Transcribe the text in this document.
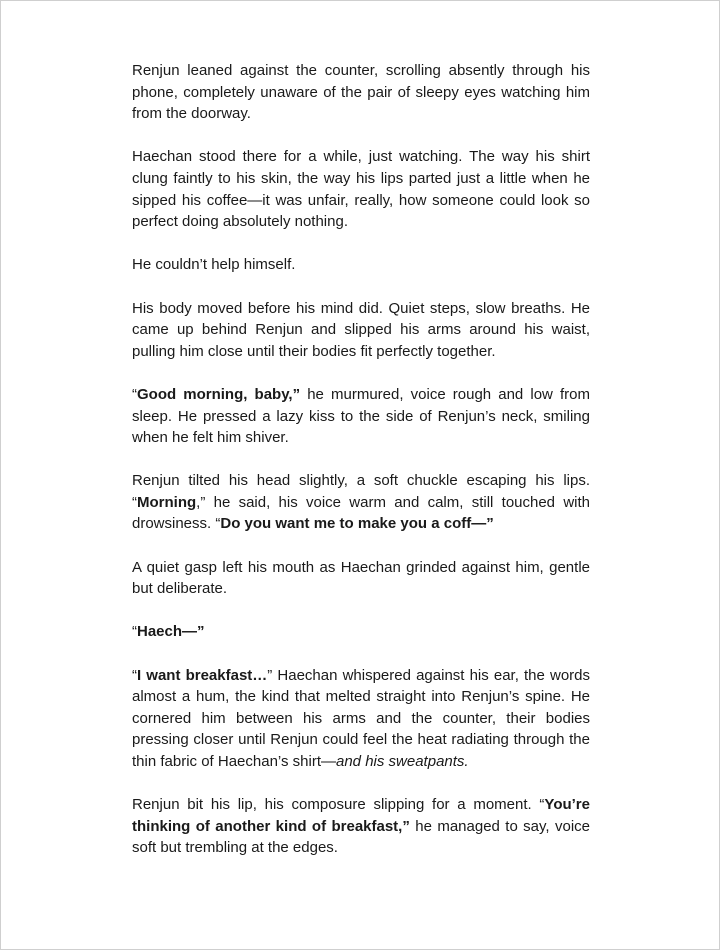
Renjun leaned against the counter, scrolling absently through his phone, completely unaware of the pair of sleepy eyes watching him from the doorway.

Haechan stood there for a while, just watching. The way his shirt clung faintly to his skin, the way his lips parted just a little when he sipped his coffee—it was unfair, really, how someone could look so perfect doing absolutely nothing.

He couldn’t help himself.

His body moved before his mind did. Quiet steps, slow breaths. He came up behind Renjun and slipped his arms around his waist, pulling him close until their bodies fit perfectly together.

“Good morning, baby,” he murmured, voice rough and low from sleep. He pressed a lazy kiss to the side of Renjun’s neck, smiling when he felt him shiver.

Renjun tilted his head slightly, a soft chuckle escaping his lips. “Morning,” he said, his voice warm and calm, still touched with drowsiness. “Do you want me to make you a coff—”

A quiet gasp left his mouth as Haechan grinded against him, gentle but deliberate.

“Haech—”

“I want breakfast…” Haechan whispered against his ear, the words almost a hum, the kind that melted straight into Renjun’s spine. He cornered him between his arms and the counter, their bodies pressing closer until Renjun could feel the heat radiating through the thin fabric of Haechan’s shirt—and his sweatpants.

Renjun bit his lip, his composure slipping for a moment. “You’re thinking of another kind of breakfast,” he managed to say, voice soft but trembling at the edges.
